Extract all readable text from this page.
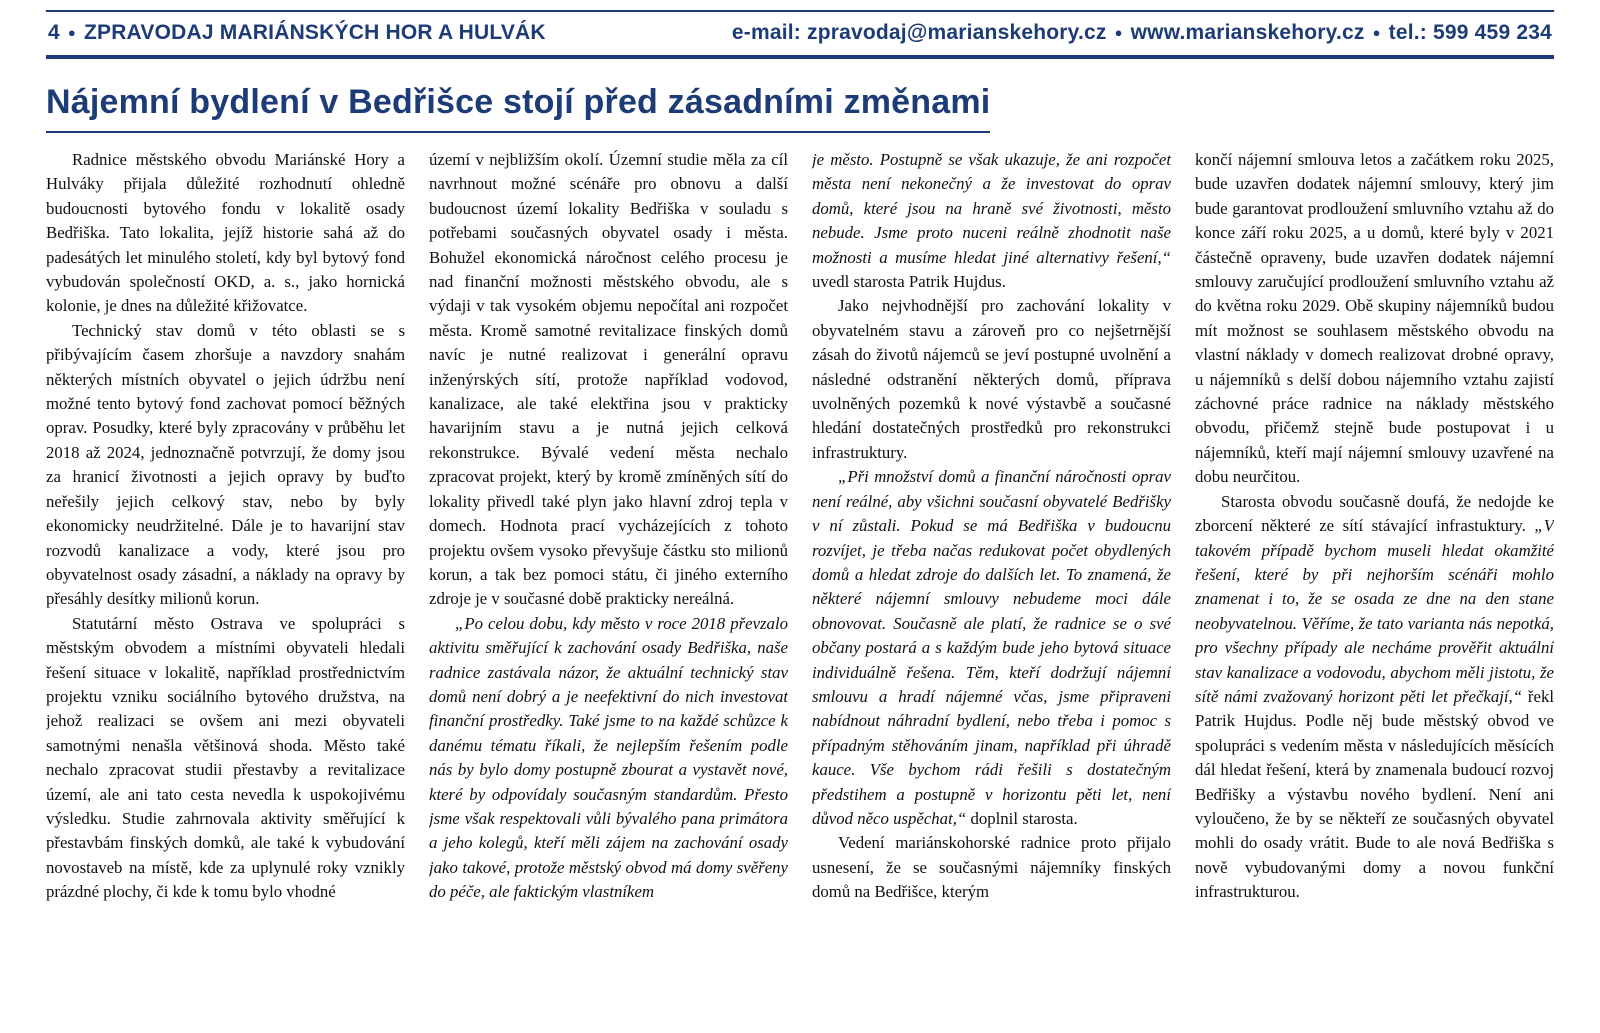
4 ● ZPRAVODAJ MARIÁNSKÝCH HOR A HULVÁK	e-mail: zpravodaj@marianskehory.cz ● www.marianskehory.cz ● tel.: 599 459 234
Nájemní bydlení v Bedřišce stojí před zásadními změnami

Radnice městského obvodu Mariánské Hory a Hulváky přijala důležité rozhodnutí ohledně budoucnosti bytového fondu v lokalitě osady Bedřiška. Tato lokalita, jejíž historie sahá až do padesátých let minulého století, kdy byl bytový fond vybudován společností OKD, a. s., jako hornická kolonie, je dnes na důležité křižovatce.

Technický stav domů v této oblasti se s přibývajícím časem zhoršuje a navzdory snahám některých místních obyvatel o jejich údržbu není možné tento bytový fond zachovat pomocí běžných oprav. Posudky, které byly zpracovány v průběhu let 2018 až 2024, jednoznačně potvrzují, že domy jsou za hranicí životnosti a jejich opravy by buďto neřešily jejich celkový stav, nebo by byly ekonomicky neudržitelné. Dále je to havarijní stav rozvodů kanalizace a vody, které jsou pro obyvatelnost osady zásadní, a náklady na opravy by přesáhly desítky milionů korun.

Statutární město Ostrava ve spolupráci s městským obvodem a místními obyvateli hledali řešení situace v lokalitě, například prostřednictvím projektu vzniku sociálního bytového družstva, na jehož realizaci se ovšem ani mezi obyvateli samotnými nenašla většinová shoda. Město také nechalo zpracovat studii přestavby a revitalizace území, ale ani tato cesta nevedla k uspokojivému výsledku. Studie zahrnovala aktivity směřující k přestavbám finských domků, ale také k vybudování novostaveb na místě, kde za uplynulé roky vznikly prázdné plochy, či kde k tomu bylo vhodné

území v nejbližším okolí. Územní studie měla za cíl navrhnout možné scénáře pro obnovu a další budoucnost území lokality Bedřiška v souladu s potřebami současných obyvatel osady i města. Bohužel ekonomická náročnost celého procesu je nad finanční možnosti městského obvodu, ale s výdaji v tak vysokém objemu nepočítal ani rozpočet města. Kromě samotné revitalizace finských domů navíc je nutné realizovat i generální opravu inženýrských sítí, protože například vodovod, kanalizace, ale také elektřina jsou v prakticky havarijním stavu a je nutná jejich celková rekonstrukce. Bývalé vedení města nechalo zpracovat projekt, který by kromě zmíněných sítí do lokality přivedl také plyn jako hlavní zdroj tepla v domech. Hodnota prací vycházejících z tohoto projektu ovšem vysoko převyšuje částku sto milionů korun, a tak bez pomoci státu, či jiného externího zdroje je v současné době prakticky nereálná.

„Po celou dobu, kdy město v roce 2018 převzalo aktivitu směřující k zachování osady Bedřiška, naše radnice zastávala názor, že aktuální technický stav domů není dobrý a je neefektivní do nich investovat finanční prostředky. Také jsme to na každé schůzce k danému tématu říkali, že nejlepším řešením podle nás by bylo domy postupně zbourat a vystavět nové, které by odpovídaly současným standardům. Přesto jsme však respektovali vůli bývalého pana primátora a jeho kolegů, kteří měli zájem na zachování osady jako takové, protože městský obvod má domy svěřeny do péče, ale faktickým vlastníkem

je město. Postupně se však ukazuje, že ani rozpočet města není nekonečný a že investovat do oprav domů, které jsou na hraně své životnosti, město nebude. Jsme proto nuceni reálně zhodnotit naše možnosti a musíme hledat jiné alternativy řešení,“ uvedl starosta Patrik Hujdus.

Jako nejvhodnější pro zachování lokality v obyvatelném stavu a zároveň pro co nejšetrnější zásah do životů nájemců se jeví postupné uvolnění a následné odstranění některých domů, příprava uvolněných pozemků k nové výstavbě a současné hledání dostatečných prostředků pro rekonstrukci infrastruktury.

„Při množství domů a finanční náročnosti oprav není reálné, aby všichni současní obyvatelé Bedřišky v ní zůstali. Pokud se má Bedřiška v budoucnu rozvíjet, je třeba načas redukovat počet obydlených domů a hledat zdroje do dalších let. To znamená, že některé nájemní smlouvy nebudeme moci dále obnovovat. Současně ale platí, že radnice se o své občany postará a s každým bude jeho bytová situace individuálně řešena. Těm, kteří dodržují nájemní smlouvu a hradí nájemné včas, jsme připraveni nabídnout náhradní bydlení, nebo třeba i pomoc s případným stěhováním jinam, například při úhradě kauce. Vše bychom rádi řešili s dostatečným předstihem a postupně v horizontu pěti let, není důvod něco uspěchat,“ doplnil starosta.

Vedení mariánskohorské radnice proto přijalo usnesení, že se současnými nájemníky finských domů na Bedřišce, kterým

končí nájemní smlouva letos a začátkem roku 2025, bude uzavřen dodatek nájemní smlouvy, který jim bude garantovat prodloužení smluvního vztahu až do konce září roku 2025, a u domů, které byly v 2021 částečně opraveny, bude uzavřen dodatek nájemní smlouvy zaručující prodloužení smluvního vztahu až do května roku 2029. Obě skupiny nájemníků budou mít možnost se souhlasem městského obvodu na vlastní náklady v domech realizovat drobné opravy, u nájemníků s delší dobou nájemního vztahu zajistí záchovné práce radnice na náklady městského obvodu, přičemž stejně bude postupovat i u nájemníků, kteří mají nájemní smlouvy uzavřené na dobu neurčitou.

Starosta obvodu současně doufá, že nedojde ke zborcení některé ze sítí stávající infrastuktury. „V takovém případě bychom museli hledat okamžité řešení, které by při nejhorším scénáři mohlo znamenat i to, že se osada ze dne na den stane neobyvatelnou. Věříme, že tato varianta nás nepotká, pro všechny případy ale necháme prověřit aktuální stav kanalizace a vodovodu, abychom měli jistotu, že sítě námi zvažovaný horizont pěti let přečkají,“ řekl Patrik Hujdus. Podle něj bude městský obvod ve spolupráci s vedením města v následujících měsících dál hledat řešení, která by znamenala budoucí rozvoj Bedřišky a výstavbu nového bydlení. Není ani vyloučeno, že by se někteří ze současných obyvatel mohli do osady vrátit. Bude to ale nová Bedřiška s nově vybudovanými domy a novou funkční infrastrukturou.
